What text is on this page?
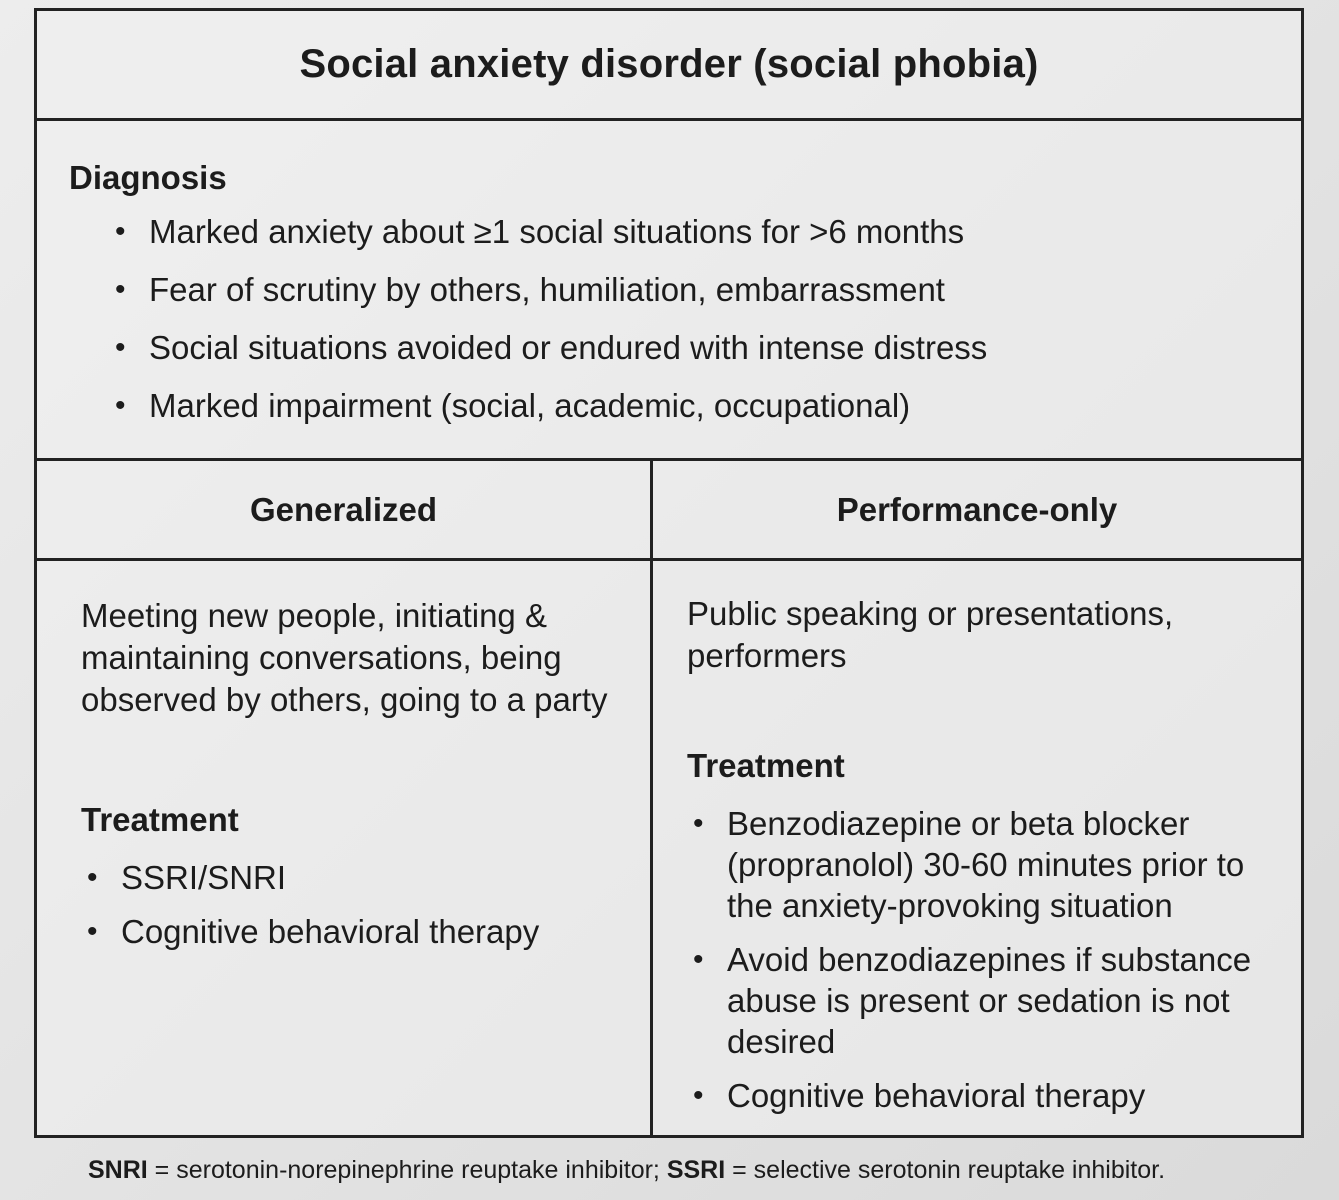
Social anxiety disorder (social phobia)
Diagnosis
• Marked anxiety about ≥1 social situations for >6 months
• Fear of scrutiny by others, humiliation, embarrassment
• Social situations avoided or endured with intense distress
• Marked impairment (social, academic, occupational)
Generalized	Performance-only

Meeting new people, initiating & maintaining conversations, being observed by others, going to a party

Treatment
• SSRI/SNRI
• Cognitive behavioral therapy

Public speaking or presentations, performers

Treatment
• Benzodiazepine or beta blocker (propranolol) 30-60 minutes prior to the anxiety-provoking situation
• Avoid benzodiazepines if substance abuse is present or sedation is not desired
• Cognitive behavioral therapy
SNRI = serotonin-norepinephrine reuptake inhibitor; SSRI = selective serotonin reuptake inhibitor.
